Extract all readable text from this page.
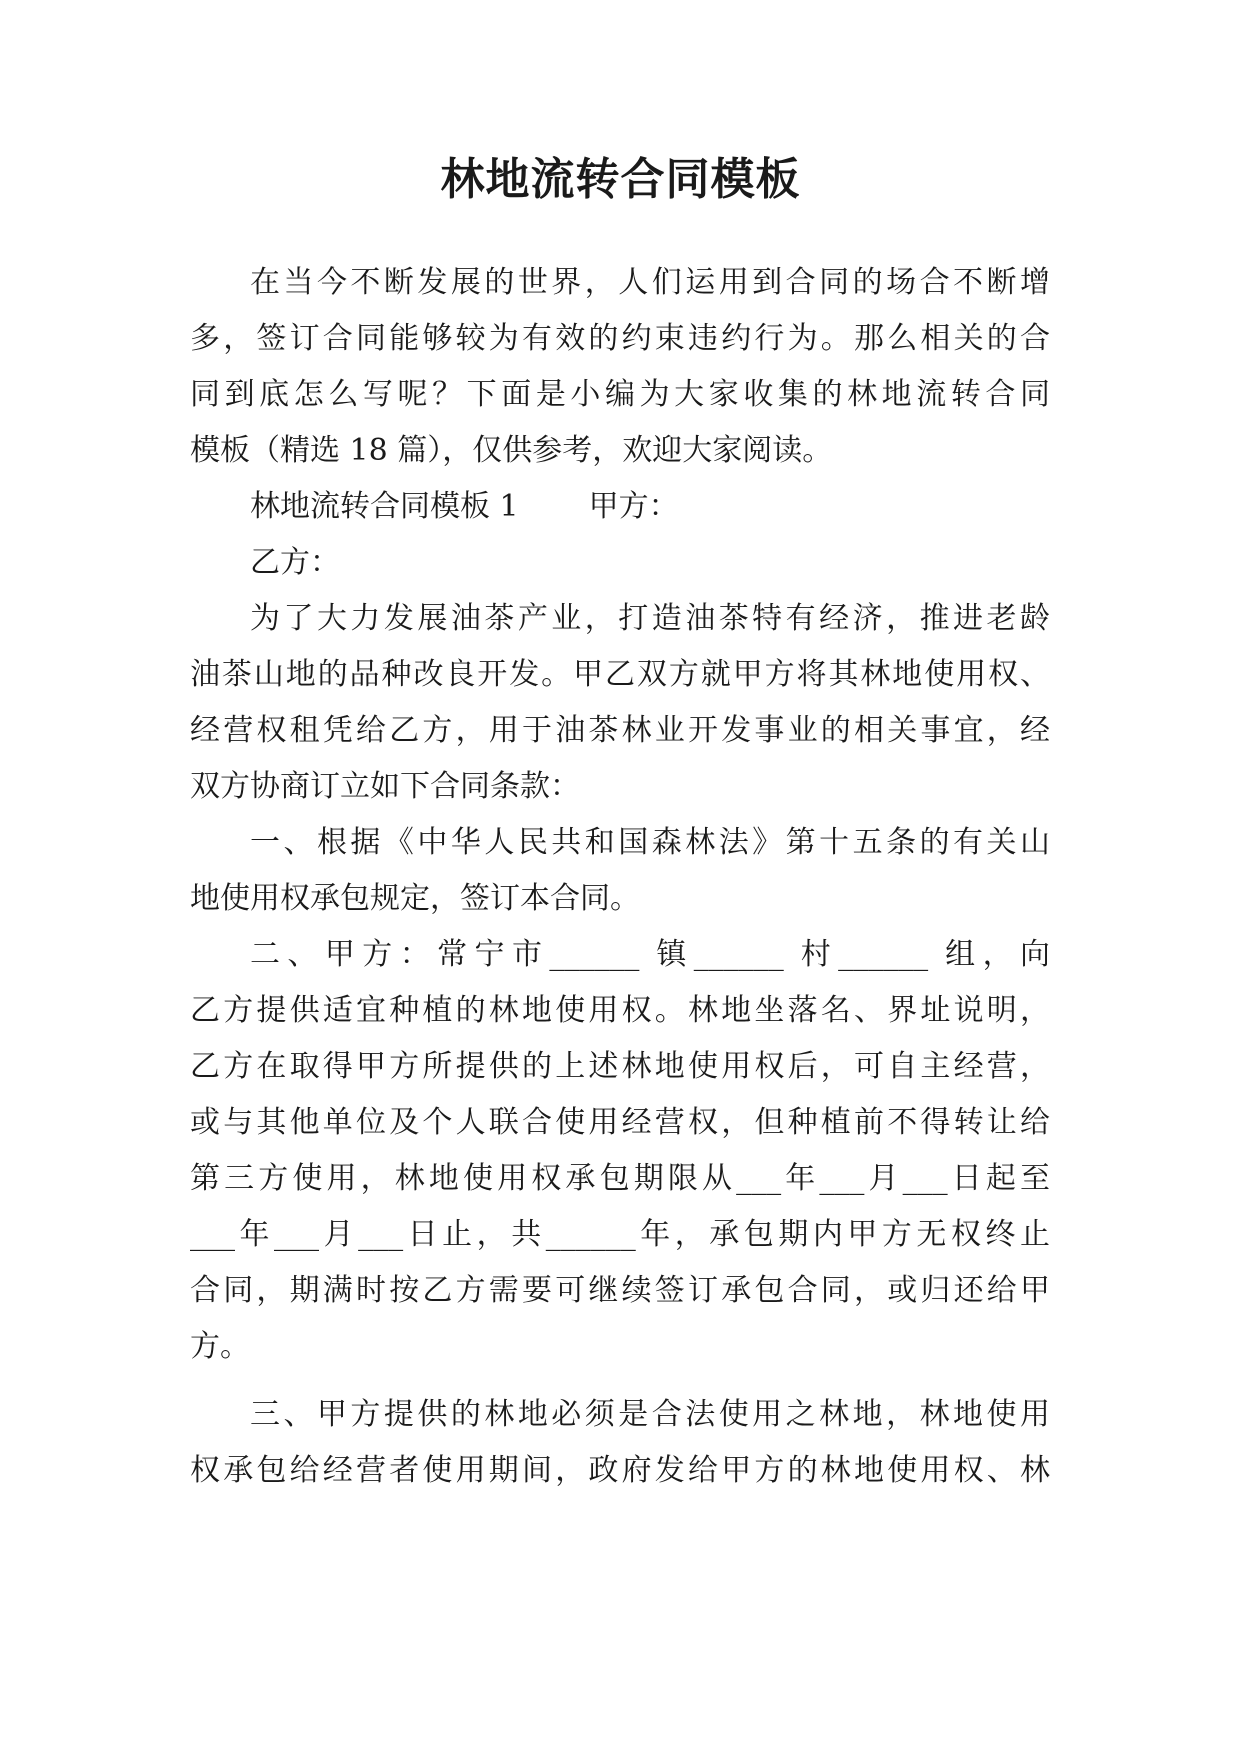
林地流转合同模板
在当今不断发展的世界，人们运用到合同的场合不断增
多，签订合同能够较为有效的约束违约行为。那么相关的合
同到底怎么写呢？下面是小编为大家收集的林地流转合同
模板（精选 18 篇），仅供参考，欢迎大家阅读。
林地流转合同模板 1 甲方：
乙方：
为了大力发展油茶产业，打造油茶特有经济，推进老龄
油茶山地的品种改良开发。甲乙双方就甲方将其林地使用权、
经营权租凭给乙方，用于油茶林业开发事业的相关事宜，经
双方协商订立如下合同条款：
一、根据《中华人民共和国森林法》第十五条的有关山
地使用权承包规定，签订本合同。
二、甲方：常宁市______ 镇______ 村______ 组，向
乙方提供适宜种植的林地使用权。林地坐落名、界址说明，
乙方在取得甲方所提供的上述林地使用权后，可自主经营，
或与其他单位及个人联合使用经营权，但种植前不得转让给
第三方使用，林地使用权承包期限从___年___月___日起至
___年___月___日止，共______年，承包期内甲方无权终止
合同，期满时按乙方需要可继续签订承包合同，或归还给甲
方。
三、甲方提供的林地必须是合法使用之林地，林地使用
权承包给经营者使用期间，政府发给甲方的林地使用权、林
